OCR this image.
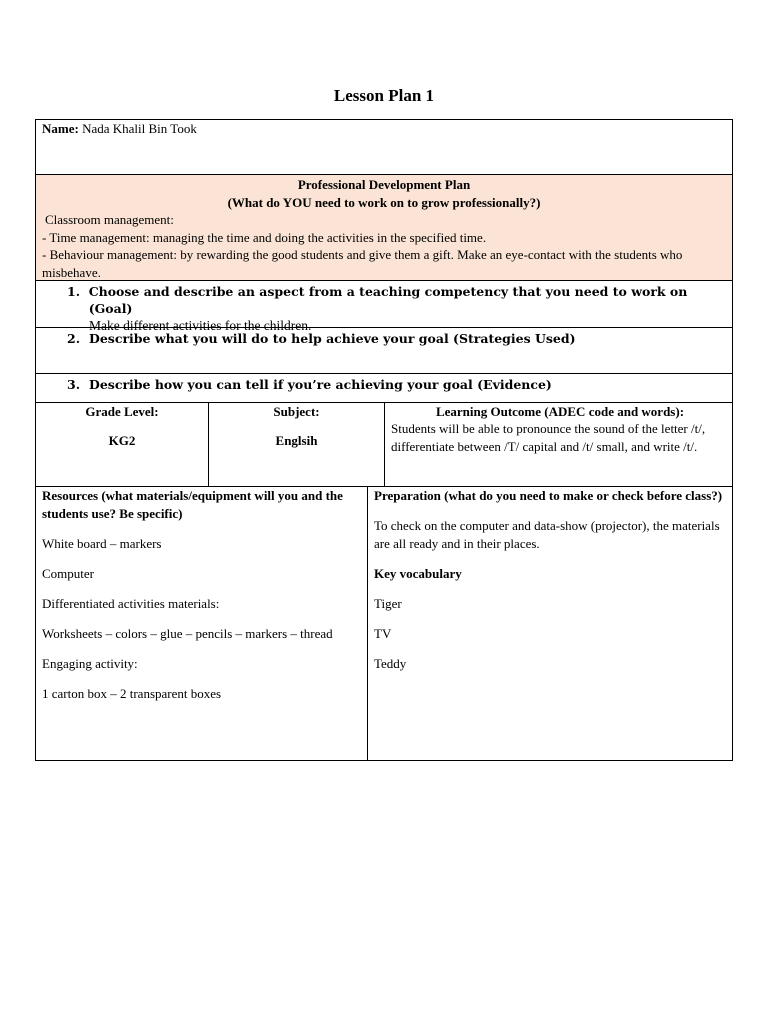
Lesson Plan 1
Name: Nada Khalil Bin Took
Professional Development Plan
(What do YOU need to work on to grow professionally?)
Classroom management:
- Time management: managing the time and doing the activities in the specified time.
- Behaviour management: by rewarding the good students and give them a gift. Make an eye-contact with the students who misbehave.
1. Choose and describe an aspect from a teaching competency that you need to work on (Goal)
Make different activities for the children.
2. Describe what you will do to help achieve your goal (Strategies Used)
3. Describe how you can tell if you’re achieving your goal (Evidence)
Grade Level:
KG2
Subject:
Englsih
Learning Outcome (ADEC code and words):
Students will be able to pronounce the sound of the letter /t/, differentiate between /T/ capital and /t/ small, and write /t/.
Resources (what materials/equipment will you and the students use? Be specific)
White board – markers
Computer
Differentiated activities materials:
Worksheets – colors – glue – pencils – markers – thread
Engaging activity:
1 carton box – 2 transparent boxes
Preparation (what do you need to make or check before class?)
To check on the computer and data-show (projector), the materials are all ready and in their places.
Key vocabulary
Tiger
TV
Teddy
